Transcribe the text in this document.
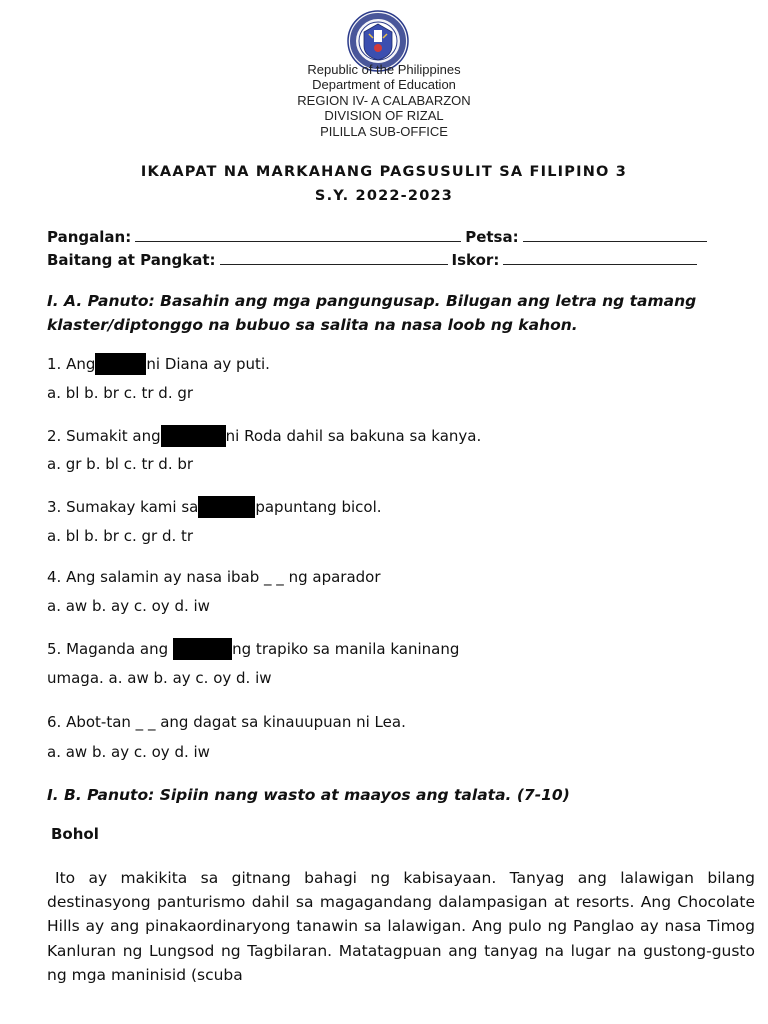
Republic of the Philippines
Department of Education
REGION IV- A CALABARZON
DIVISION OF RIZAL
PILILLA SUB-OFFICE
IKAAPAT NA MARKAHANG PAGSUSULIT SA FILIPINO 3
S.Y. 2022-2023
Pangalan:	Petsa:
Baitang at Pangkat:	Iskor:
I. A. Panuto: Basahin ang mga pangungusap. Bilugan ang letra ng tamang klaster/diptonggo na bubuo sa salita na nasa loob ng kahon.
1. Ang	ni Diana ay puti.
a. bl b. br c. tr d. gr
2. Sumakit ang	ni Roda dahil sa bakuna sa kanya.
a. gr b. bl c. tr d. br
3. Sumakay kami sa	papuntang bicol.
a. bl b. br c. gr d. tr
4. Ang salamin ay nasa ibab _ _ ng aparador
a. aw b. ay c. oy d. iw
5. Maganda ang	ng trapiko sa manila kaninang
umaga. a. aw b. ay c. oy d. iw
6. Abot-tan _ _ ang dagat sa kinauupuan ni Lea.
a. aw b. ay c. oy d. iw
I. B. Panuto: Sipiin nang wasto at maayos ang talata. (7-10)
Bohol
Ito ay makikita sa gitnang bahagi ng kabisayaan. Tanyag ang lalawigan bilang destinasyong panturismo dahil sa magagandang dalampasigan at resorts. Ang Chocolate Hills ay ang pinakaordinaryong tanawin sa lalawigan. Ang pulo ng Panglao ay nasa Timog Kanluran ng Lungsod ng Tagbilaran. Matatagpuan ang tanyag na lugar na gustong-gusto ng mga maninisid (scuba
